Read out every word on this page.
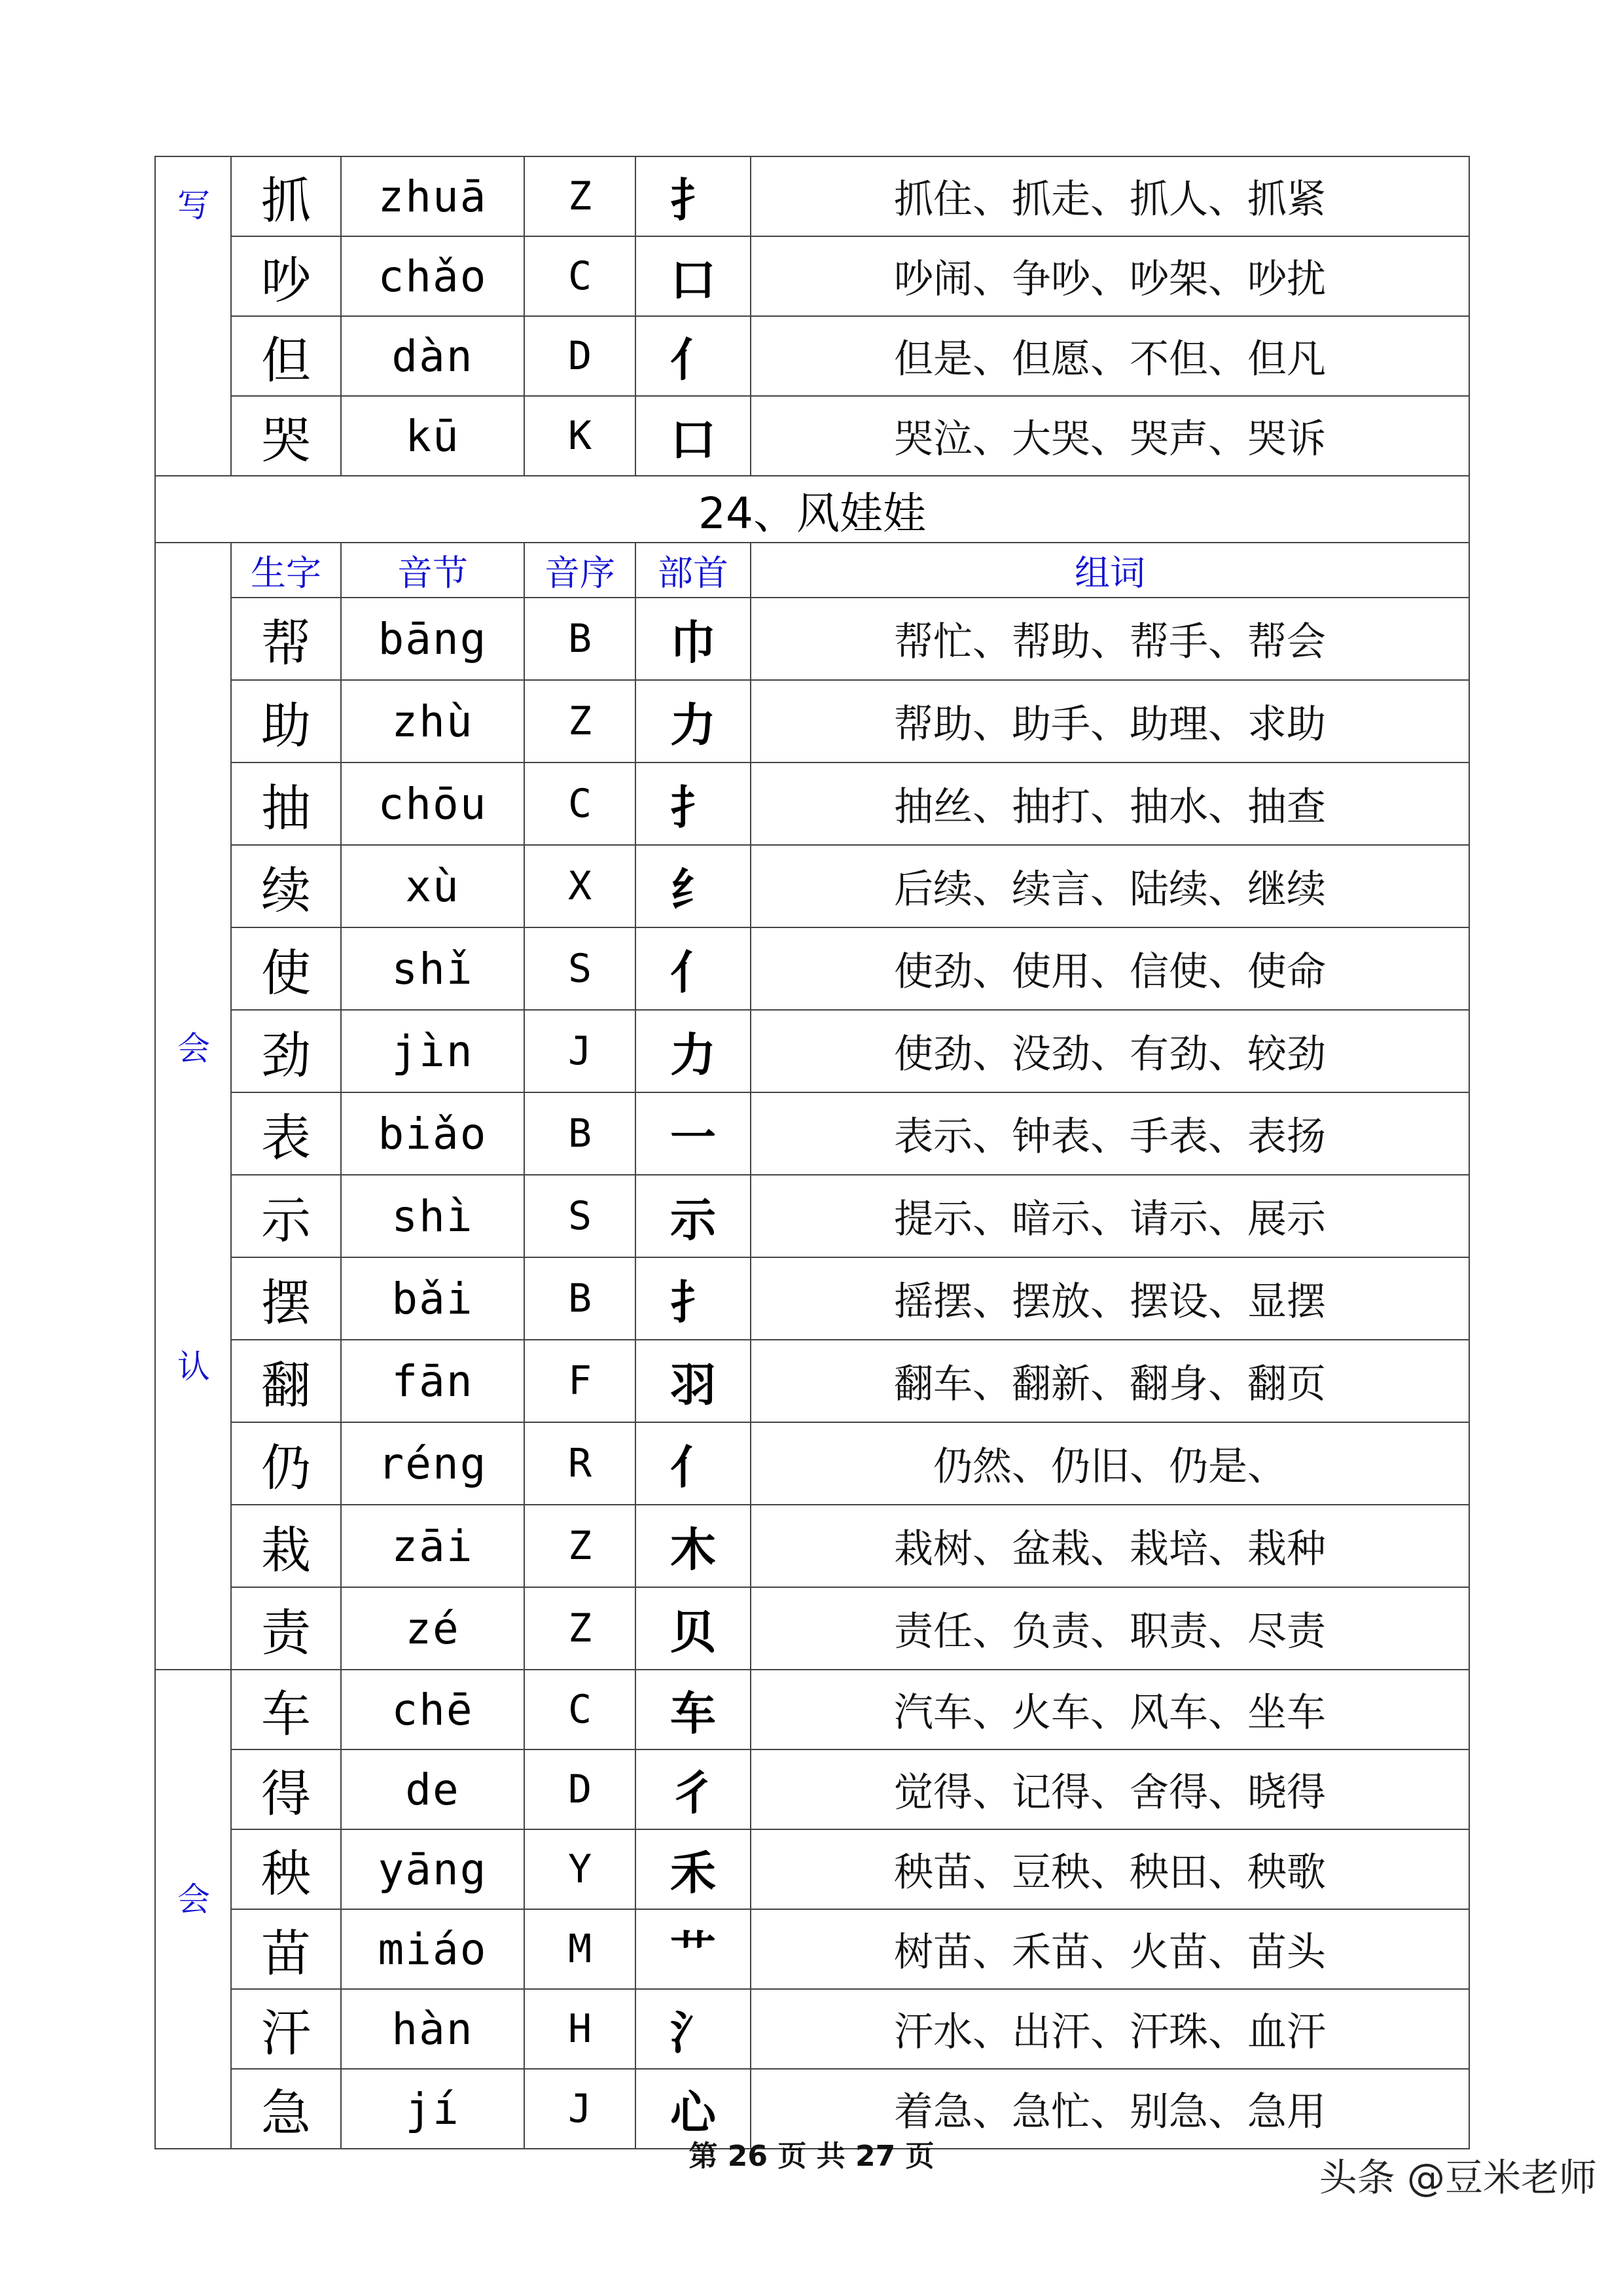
写	抓	zhuā	Z	扌	抓住、抓走、抓人、抓紧
	吵	chǎo	C	口	吵闹、争吵、吵架、吵扰
	但	dàn	D	亻	但是、但愿、不但、但凡
	哭	kū	K	口	哭泣、大哭、哭声、哭诉
24、风娃娃					

会
认	生字	音节	音序	部首	组词
	帮	bāng	B	巾	帮忙、帮助、帮手、帮会
	助	zhù	Z	力	帮助、助手、助理、求助
	抽	chōu	C	扌	抽丝、抽打、抽水、抽查
	续	xù	X	纟	后续、续言、陆续、继续
	使	shǐ	S	亻	使劲、使用、信使、使命
	劲	jìn	J	力	使劲、没劲、有劲、较劲
	表	biǎo	B	一	表示、钟表、手表、表扬
	示	shì	S	示	提示、暗示、请示、展示
	摆	bǎi	B	扌	摇摆、摆放、摆设、显摆
	翻	fān	F	羽	翻车、翻新、翻身、翻页
	仍	réng	R	亻	仍然、仍旧、仍是、
	栽	zāi	Z	木	栽树、盆栽、栽培、栽种
	责	zé	Z	贝	责任、负责、职责、尽责

会	车	chē	C	车	汽车、火车、风车、坐车
	得	de	D	彳	觉得、记得、舍得、晓得
	秧	yāng	Y	禾	秧苗、豆秧、秧田、秧歌
	苗	miáo	M	艹	树苗、禾苗、火苗、苗头
	汗	hàn	H	氵	汗水、出汗、汗珠、血汗
	急	jí	J	心	着急、急忙、别急、急用
第 26 页 共 27 页	头条 @豆米老师
